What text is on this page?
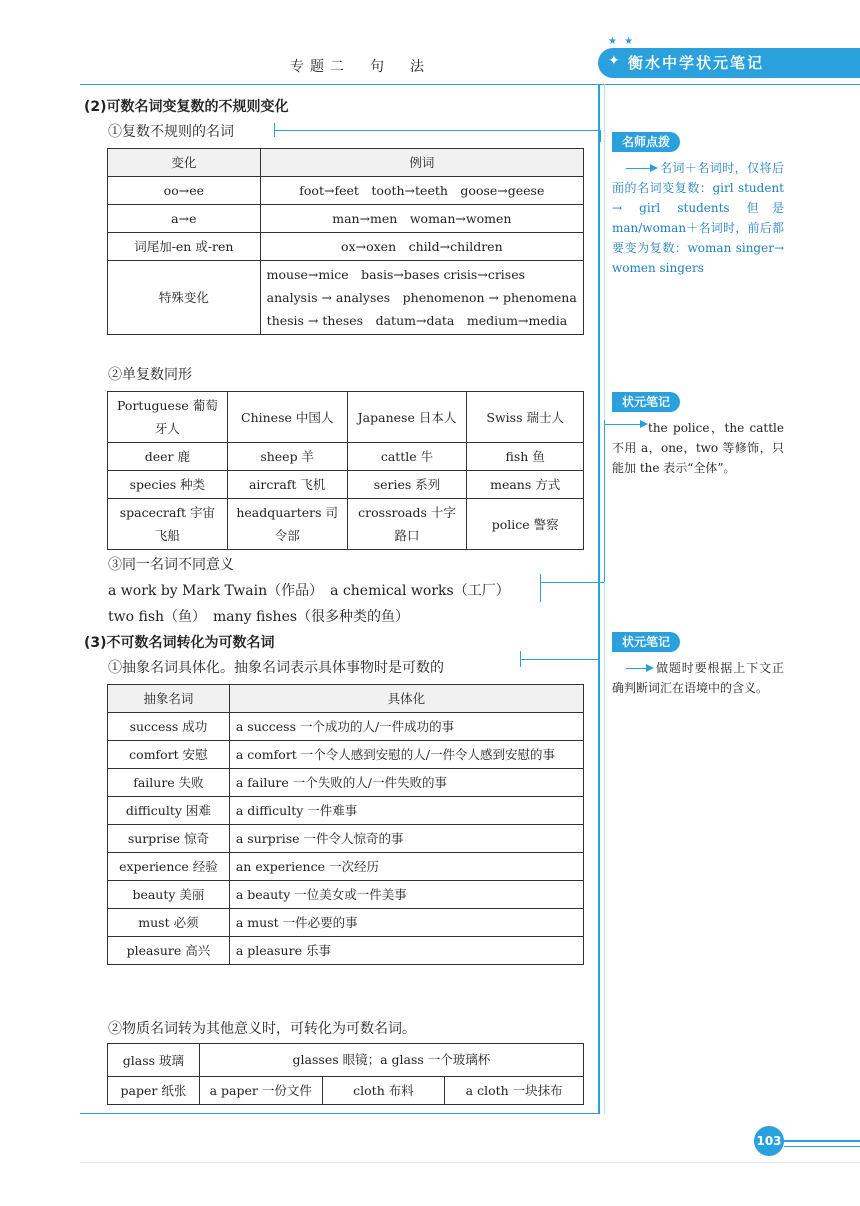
专题二　句　法
★ ★
✦ 衡水中学状元笔记
(2)可数名词变复数的不规则变化
①复数不规则的名词
变化	例词
oo→ee	foot→feet　tooth→teeth　goose→geese
a→e	man→men　woman→women
词尾加-en 或-ren	ox→oxen　child→children
特殊变化	mouse→mice　basis→bases crisis→crises analysis → analyses　phenomenon → phenomena　thesis → theses　datum→data　medium→media
②单复数同形
Portuguese 葡萄牙人	Chinese 中国人	Japanese 日本人	Swiss 瑞士人
deer 鹿	sheep 羊	cattle 牛	fish 鱼
species 种类	aircraft 飞机	series 系列	means 方式
spacecraft 宇宙飞船	headquarters 司令部	crossroads 十字路口	police 警察
③同一名词不同意义
a work by Mark Twain（作品）　a chemical works（工厂）
two fish（鱼）　many fishes（很多种类的鱼）
(3)不可数名词转化为可数名词
①抽象名词具体化。抽象名词表示具体事物时是可数的
抽象名词	具体化
success 成功	a success 一个成功的人/一件成功的事
comfort 安慰	a comfort 一个令人感到安慰的人/一件令人感到安慰的事
failure 失败	a failure 一个失败的人/一件失败的事
difficulty 困难	a difficulty 一件难事
surprise 惊奇	a surprise 一件令人惊奇的事
experience 经验	an experience 一次经历
beauty 美丽	a beauty 一位美女或一件美事
must 必须	a must 一件必要的事
pleasure 高兴	a pleasure 乐事
②物质名词转为其他意义时，可转化为可数名词。
glass 玻璃	glasses 眼镜；a glass 一个玻璃杯		
paper 纸张	a paper 一份文件	cloth 布料	a cloth 一块抹布
103
名师点拨
名词＋名词时，仅将后面的名词变复数：girl student → girl students 但是 man/woman＋名词时，前后都要变为复数：woman singer→ women singers
状元笔记
the police，the cattle 不用 a，one，two 等修饰，只能加 the 表示“全体”。
状元笔记
做题时要根据上下文正确判断词汇在语境中的含义。
